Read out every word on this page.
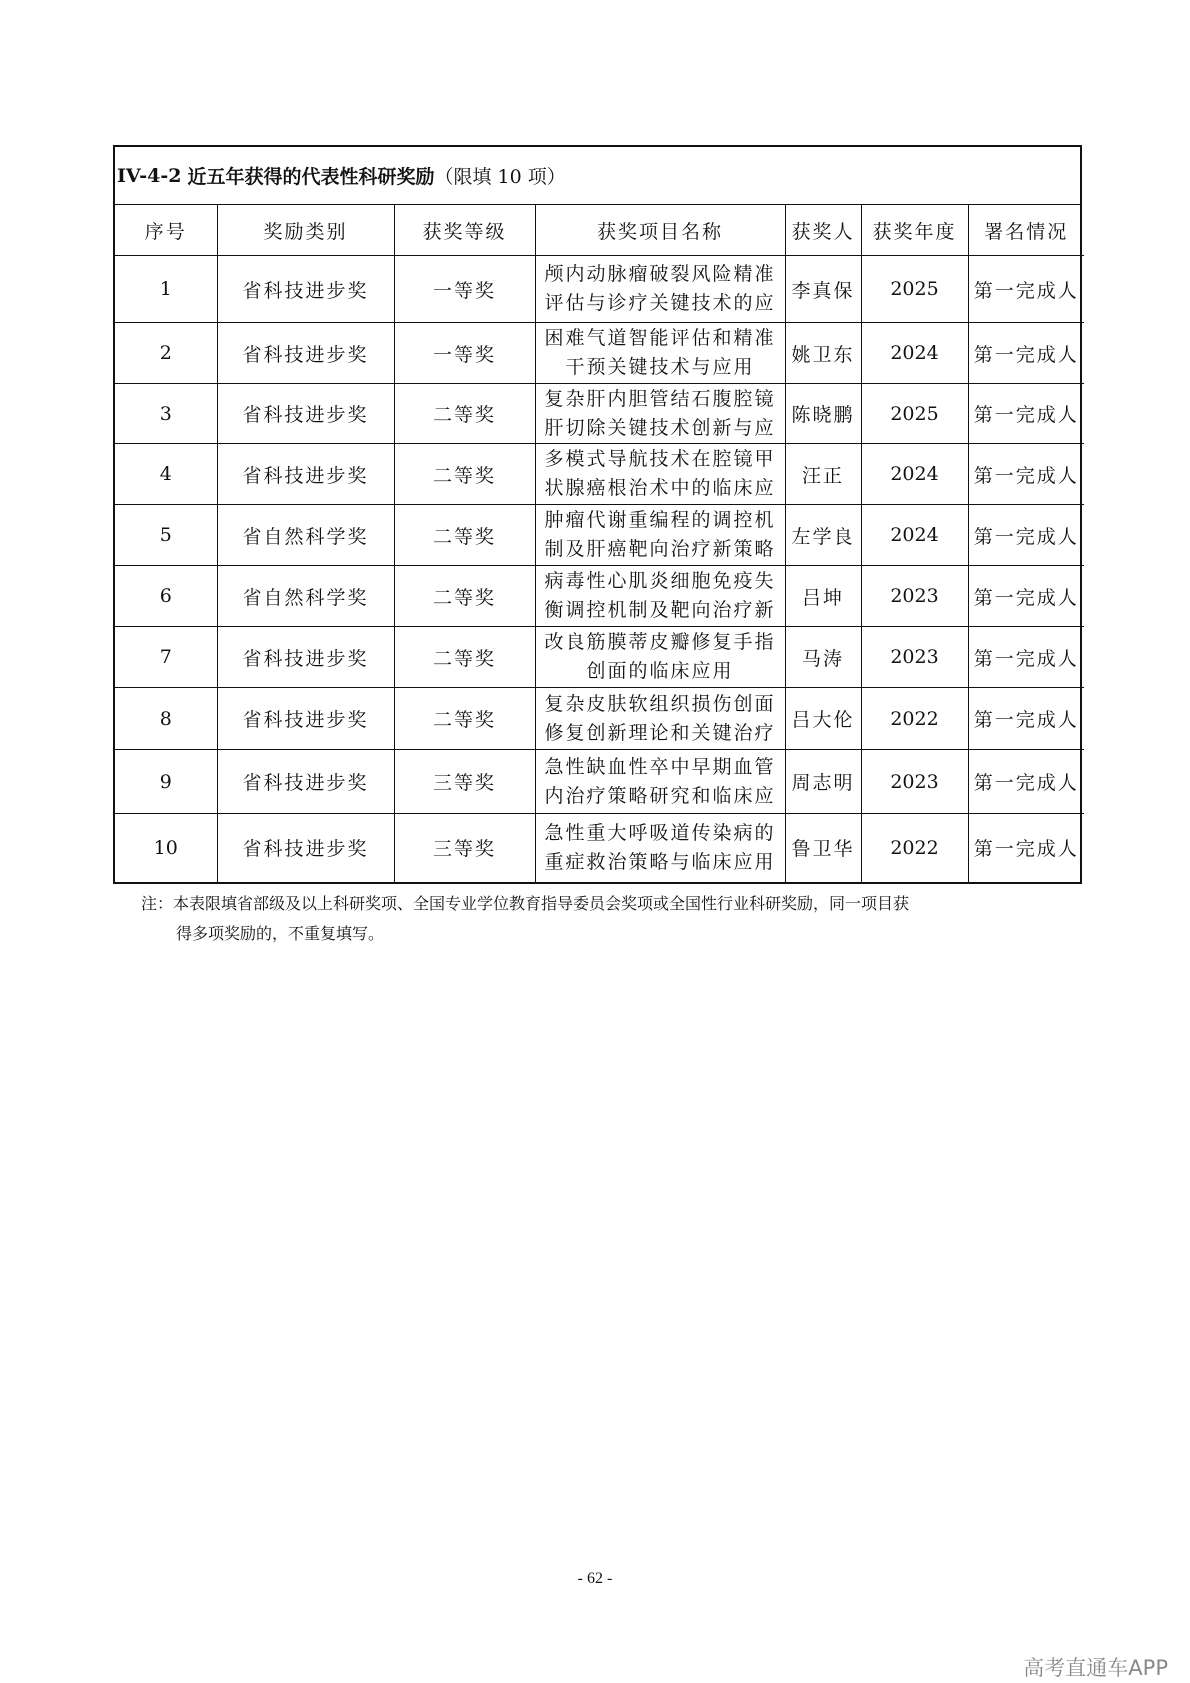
IV-4-2 近五年获得的代表性科研奖励 （限填 10 项）
序号	奖励类别	获奖等级	获奖项目名称	获奖人	获奖年度	署名情况
1	省科技进步奖	一等奖	颅内动脉瘤破裂风险精准评估与诊疗关键技术的应	李真保	2025	第一完成人
2	省科技进步奖	一等奖	困难气道智能评估和精准干预关键技术与应用	姚卫东	2024	第一完成人
3	省科技进步奖	二等奖	复杂肝内胆管结石腹腔镜肝切除关键技术创新与应	陈晓鹏	2025	第一完成人
4	省科技进步奖	二等奖	多模式导航技术在腔镜甲状腺癌根治术中的临床应	汪正	2024	第一完成人
5	省自然科学奖	二等奖	肿瘤代谢重编程的调控机制及肝癌靶向治疗新策略	左学良	2024	第一完成人
6	省自然科学奖	二等奖	病毒性心肌炎细胞免疫失衡调控机制及靶向治疗新	吕坤	2023	第一完成人
7	省科技进步奖	二等奖	改良筋膜蒂皮瓣修复手指创面的临床应用	马涛	2023	第一完成人
8	省科技进步奖	二等奖	复杂皮肤软组织损伤创面修复创新理论和关键治疗	吕大伦	2022	第一完成人
9	省科技进步奖	三等奖	急性缺血性卒中早期血管内治疗策略研究和临床应	周志明	2023	第一完成人
10	省科技进步奖	三等奖	急性重大呼吸道传染病的重症救治策略与临床应用	鲁卫华	2022	第一完成人
注：本表限填省部级及以上科研奖项、全国专业学位教育指导委员会奖项或全国性行业科研奖励，同一项目获
得多项奖励的，不重复填写。
- 62 -
高考直通车APP
